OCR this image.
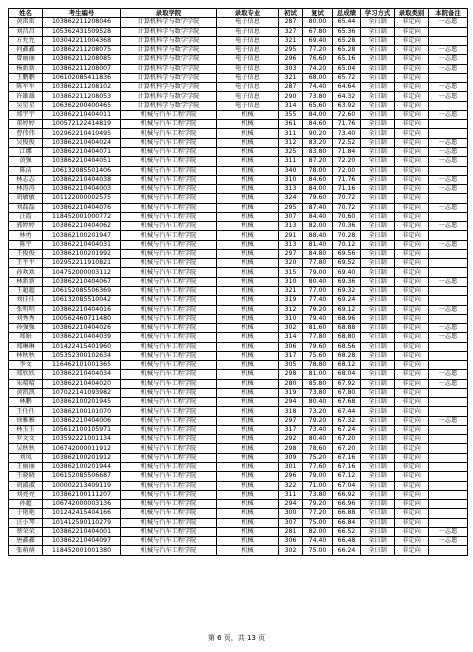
姓名	考生编号	录取学院	录取专业	初试	复试	总成绩	学习方式	录取类别	本院备注
黄雷雷	103862211208046	计算机科学与数学学院	电子信息	287	80.00	65.44	全日制	非定向	一志愿
刘昌昌	105362431509528	计算机科学与数学学院	电子信息	327	67.80	65.36	全日制	非定向	
方允允	103042211004368	计算机科学与数学学院	电子信息	321	69.40	65.28	全日制	非定向	
何鑫鑫	103862211208075	计算机科学与数学学院	电子信息	295	77.20	65.28	全日制	非定向	一志愿
曾丽丽	103862211208085	计算机科学与数学学院	电子信息	296	76.60	65.16	全日制	非定向	一志愿
杨新新	103862211208007	计算机科学与数学学院	电子信息	303	74.20	65.04	全日制	非定向	一志愿
王鹏鹏	106102085411836	计算机科学与数学学院	电子信息	321	68.00	65.72	全日制	非定向	
陈军军	103862211208102	计算机科学与数学学院	电子信息	287	74.40	64.64	全日制	非定向	一志愿
许雄雄	103862211208053	计算机科学与数学学院	电子信息	290	73.80	64.32	全日制	非定向	一志愿
吴星星	106362200400465	计算机科学与数学学院	电子信息	314	65.60	63.92	全日制	非定向	
郑宇宇	103862210404011	机械与汽车工程学院	机械	355	84.00	72.60	全日制	非定向	一志愿
董婷婷	100572122414819	机械与汽车工程学院	机械	361	84.60	71.76	全日制	非定向	
曹伟伟	102962210410495	机械与汽车工程学院	机械	311	90.20	73.40	全日制	非定向	
吴俊俊	103862210404024	机械与汽车工程学院	机械	312	83.20	72.52	全日制	非定向	一志愿
江娜	103862210404071	机械与汽车工程学院	机械	325	83.80	71.84	全日制	非定向	一志愿
黄强	103862210404051	机械与汽车工程学院	机械	311	87.20	72.20	全日制	非定向	一志愿
陈洁	106132085501406	机械与汽车工程学院	机械	340	78.00	72.00	全日制	非定向	
林志志	103862210404038	机械与汽车工程学院	机械	310	84.60	71.76	全日制	非定向	一志愿
林涛涛	103862210404003	机械与汽车工程学院	机械	313	84.00	71.16	全日制	非定向	一志愿
胡敏敏	101122000002575	机械与汽车工程学院	机械	324	79.60	70.72	全日制	非定向	
刘磊磊	103862210404076	机械与汽车工程学院	机械	295	87.40	70.72	全日制	非定向	一志愿
汪霞	118452001000772	机械与汽车工程学院	机械	307	84.40	70.60	全日制	非定向	
郭婷婷	103862210404062	机械与汽车工程学院	机械	313	82.00	70.36	全日制	非定向	一志愿
林勇	103862100201947	机械与汽车工程学院	机械	291	88.40	70.28	全日制	非定向	
陈宇	103862210404031	机械与汽车工程学院	机械	313	81.40	70.12	全日制	非定向	一志愿
王俊俊	103862100201992	机械与汽车工程学院	机械	297	84.80	69.56	全日制	非定向	
王平平	102952211910821	机械与汽车工程学院	机械	320	77.80	69.52	全日制	非定向	
孙欢欢	104752000003112	机械与汽车工程学院	机械	315	79.00	69.40	全日制	非定向	
林新新	103862210404067	机械与汽车工程学院	机械	310	80.40	69.36	全日制	非定向	一志愿
王超超	106152085506369	机械与汽车工程学院	机械	321	77.00	69.32	全日制	非定向	
刘佳佳	106132085510042	机械与汽车工程学院	机械	319	77.40	69.24	全日制	非定向	
张明明	103862210404016	机械与汽车工程学院	机械	312	79.20	69.12	全日制	非定向	一志愿
刘秀秀	100562460711480	机械与汽车工程学院	机械	310	79.40	68.96	全日制	非定向	
孙强强	103862210404026	机械与汽车工程学院	机械	302	81.60	68.88	全日制	非定向	一志愿
郑娟	103862210404039	机械与汽车工程学院	机械	314	77.80	68.80	全日制	非定向	一志愿
郑琳琳	101422415401960	机械与汽车工程学院	机械	306	79.60	68.56	全日制	非定向	
林秋秋	105352300102634	机械与汽车工程学院	机械	317	75.60	68.28	全日制	非定向	
李文	116462101001365	机械与汽车工程学院	机械	305	78.80	68.12	全日制	非定向	
郑欣欣	103862210404034	机械与汽车工程学院	机械	298	81.00	68.04	全日制	非定向	一志愿
朱晴晴	103862210404020	机械与汽车工程学院	机械	280	85.80	67.92	全日制	非定向	一志愿
黄凯凯	107022141093982	机械与汽车工程学院	机械	319	73.80	67.80	全日制	非定向	
林鹏	103862100201945	机械与汽车工程学院	机械	294	80.40	67.68	全日制	非定向	
王任任	103862100101070	机械与汽车工程学院	机械	318	73.20	67.44	全日制	非定向	
徐雅雅	103862210404006	机械与汽车工程学院	机械	297	79.20	67.32	全日制	非定向	一志愿
林玉玉	105612100105971	机械与汽车工程学院	机械	317	73.40	67.24	全日制	非定向	
罗文文	103592221001134	机械与汽车工程学院	机械	292	80.40	67.20	全日制	非定向	
吴秋秋	106742000011912	机械与汽车工程学院	机械	298	78.60	67.20	全日制	非定向	
刘凤	103862100201912	机械与汽车工程学院	机械	309	75.20	67.16	全日制	非定向	
王丽丽	103862100201944	机械与汽车工程学院	机械	301	77.60	67.16	全日制	非定向	
王晓晓	106152085506687	机械与汽车工程学院	机械	296	79.00	67.12	全日制	非定向	
胡淑淑	100002213409119	机械与汽车工程学院	机械	322	71.00	67.04	全日制	非定向	
刘亮亮	103862100111207	机械与汽车工程学院	机械	311	73.80	66.92	全日制	非定向	
孙超	106742000003136	机械与汽车工程学院	机械	294	79.20	66.96	全日制	非定向	
于艳艳	101242415404166	机械与汽车工程学院	机械	300	77.20	66.88	全日制	非定向	
汪小琴	101412590110279	机械与汽车工程学院	机械	307	75.00	66.84	全日制	非定向	
蔡荣荣	103862210404001	机械与汽车工程学院	机械	281	82.00	66.52	全日制	非定向	一志愿
唐鑫鑫	103862210404097	机械与汽车工程学院	机械	306	74.40	66.48	全日制	非定向	一志愿
张萌萌	118452001001380	机械与汽车工程学院	机械	302	75.00	66.24	全日制	非定向	
第 6 页，共 13 页
